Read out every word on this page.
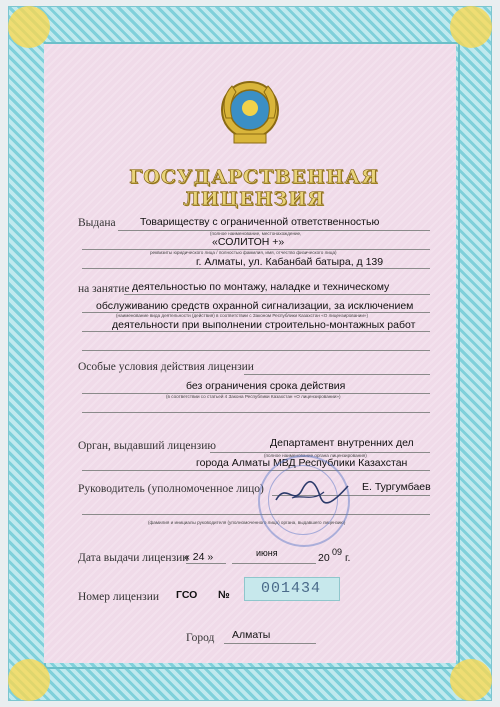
ГОСУДАРСТВЕННАЯ ЛИЦЕНЗИЯ
Выдана Товариществу с ограниченной ответственностью
(полное наименование, местонахождение,
«СОЛИТОН +»
реквизиты юридического лица / полностью фамилия, имя, отчество физического лица)
г. Алматы, ул. Кабанбай батыра, д 139
на занятие деятельностью по монтажу, наладке и техническому
обслуживанию средств охранной сигнализации, за исключением
(наименование вида деятельности (действия) в соответствии с Законом Республики Казахстан «О лицензировании»)
деятельности при выполнении строительно-монтажных работ
Особые условия действия лицензии
без ограничения срока действия
(в соответствии со статьей 4 Закона Республики Казахстан «О лицензировании»)
Орган, выдавший лицензию	Департамент внутренних дел
(полное наименование органа лицензирования)
города Алматы МВД Республики Казахстан
Руководитель (уполномоченное лицо)	Е. Тургумбаев
(фамилия и инициалы руководителя (уполномоченного лица) органа, выдавшего лицензию)
Дата выдачи лицензии
« 24 »	июня	20 09 г.
Номер лицензии ГСО №	001434
Город Алматы
